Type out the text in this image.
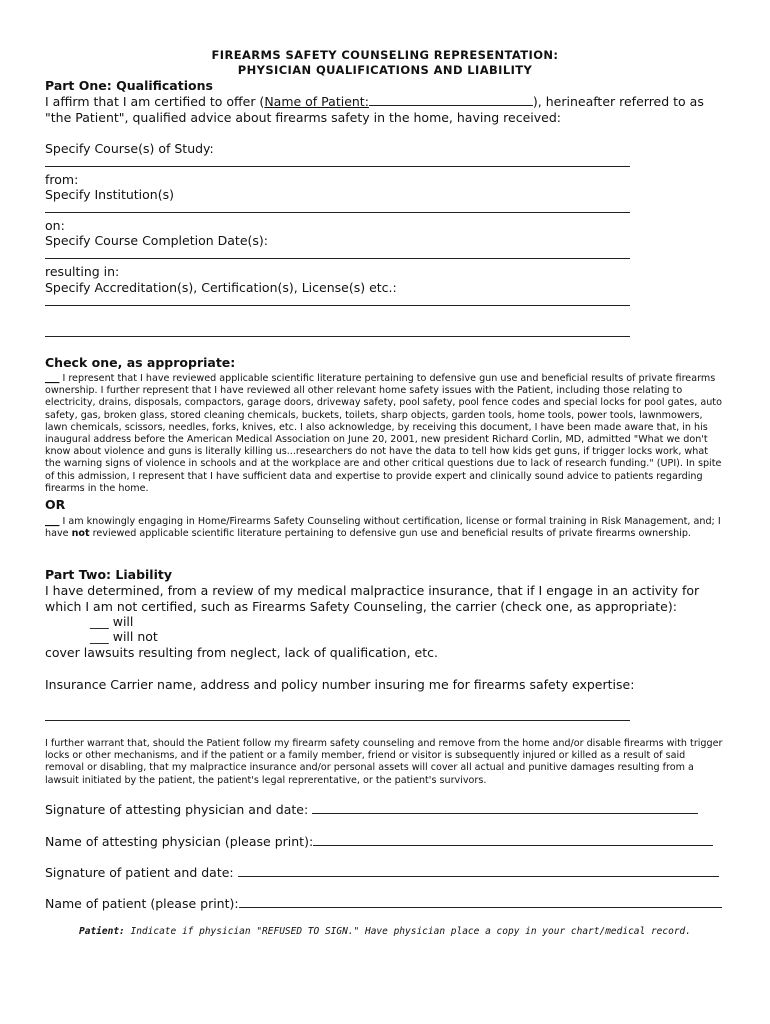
FIREARMS SAFETY COUNSELING REPRESENTATION:
PHYSICIAN QUALIFICATIONS AND LIABILITY
Part One: Qualifications
I affirm that I am certified to offer (Name of Patient:	), herineafter referred to as
"the Patient", qualified advice about firearms safety in the home, having received:
Specify Course(s) of Study:
from:
Specify Institution(s)
on:
Specify Course Completion Date(s):
resulting in:
Specify Accreditation(s), Certification(s), License(s) etc.:
Check one, as appropriate:
___ I represent that I have reviewed applicable scientific literature pertaining to defensive gun use and beneficial results of private firearms ownership. I further represent that I have reviewed all other relevant home safety issues with the Patient, including those relating to electricity, drains, disposals, compactors, garage doors, driveway safety, pool safety, pool fence codes and special locks for pool gates, auto safety, gas, broken glass, stored cleaning chemicals, buckets, toilets, sharp objects, garden tools, home tools, power tools, lawnmowers, lawn chemicals, scissors, needles, forks, knives, etc. I also acknowledge, by receiving this document, I have been made aware that, in his inaugural address before the American Medical Association on June 20, 2001, new president Richard Corlin, MD, admitted "What we don't know about violence and guns is literally killing us...researchers do not have the data to tell how kids get guns, if trigger locks work, what the warning signs of violence in schools and at the workplace are and other critical questions due to lack of research funding." (UPI). In spite of this admission, I represent that I have sufficient data and expertise to provide expert and clinically sound advice to patients regarding firearms in the home.
OR
___ I am knowingly engaging in Home/Firearms Safety Counseling without certification, license or formal training in Risk Management, and; I have not reviewed applicable scientific literature pertaining to defensive gun use and beneficial results of private firearms ownership.
Part Two: Liability
I have determined, from a review of my medical malpractice insurance, that if I engage in an activity for
which I am not certified, such as Firearms Safety Counseling, the carrier (check one, as appropriate):
___ will
___ will not
cover lawsuits resulting from neglect, lack of qualification, etc.
Insurance Carrier name, address and policy number insuring me for firearms safety expertise:
I further warrant that, should the Patient follow my firearm safety counseling and remove from the home and/or disable firearms with trigger locks or other mechanisms, and if the patient or a family member, friend or visitor is subsequently injured or killed as a result of said removal or disabling, that my malpractice insurance and/or personal assets will cover all actual and punitive damages resulting from a lawsuit initiated by the patient, the patient's legal reprerentative, or the patient's survivors.
Signature of attesting physician and date:
Name of attesting physician (please print):
Signature of patient and date:
Name of patient (please print):
Patient: Indicate if physician "REFUSED TO SIGN." Have physician place a copy in your chart/medical record.
